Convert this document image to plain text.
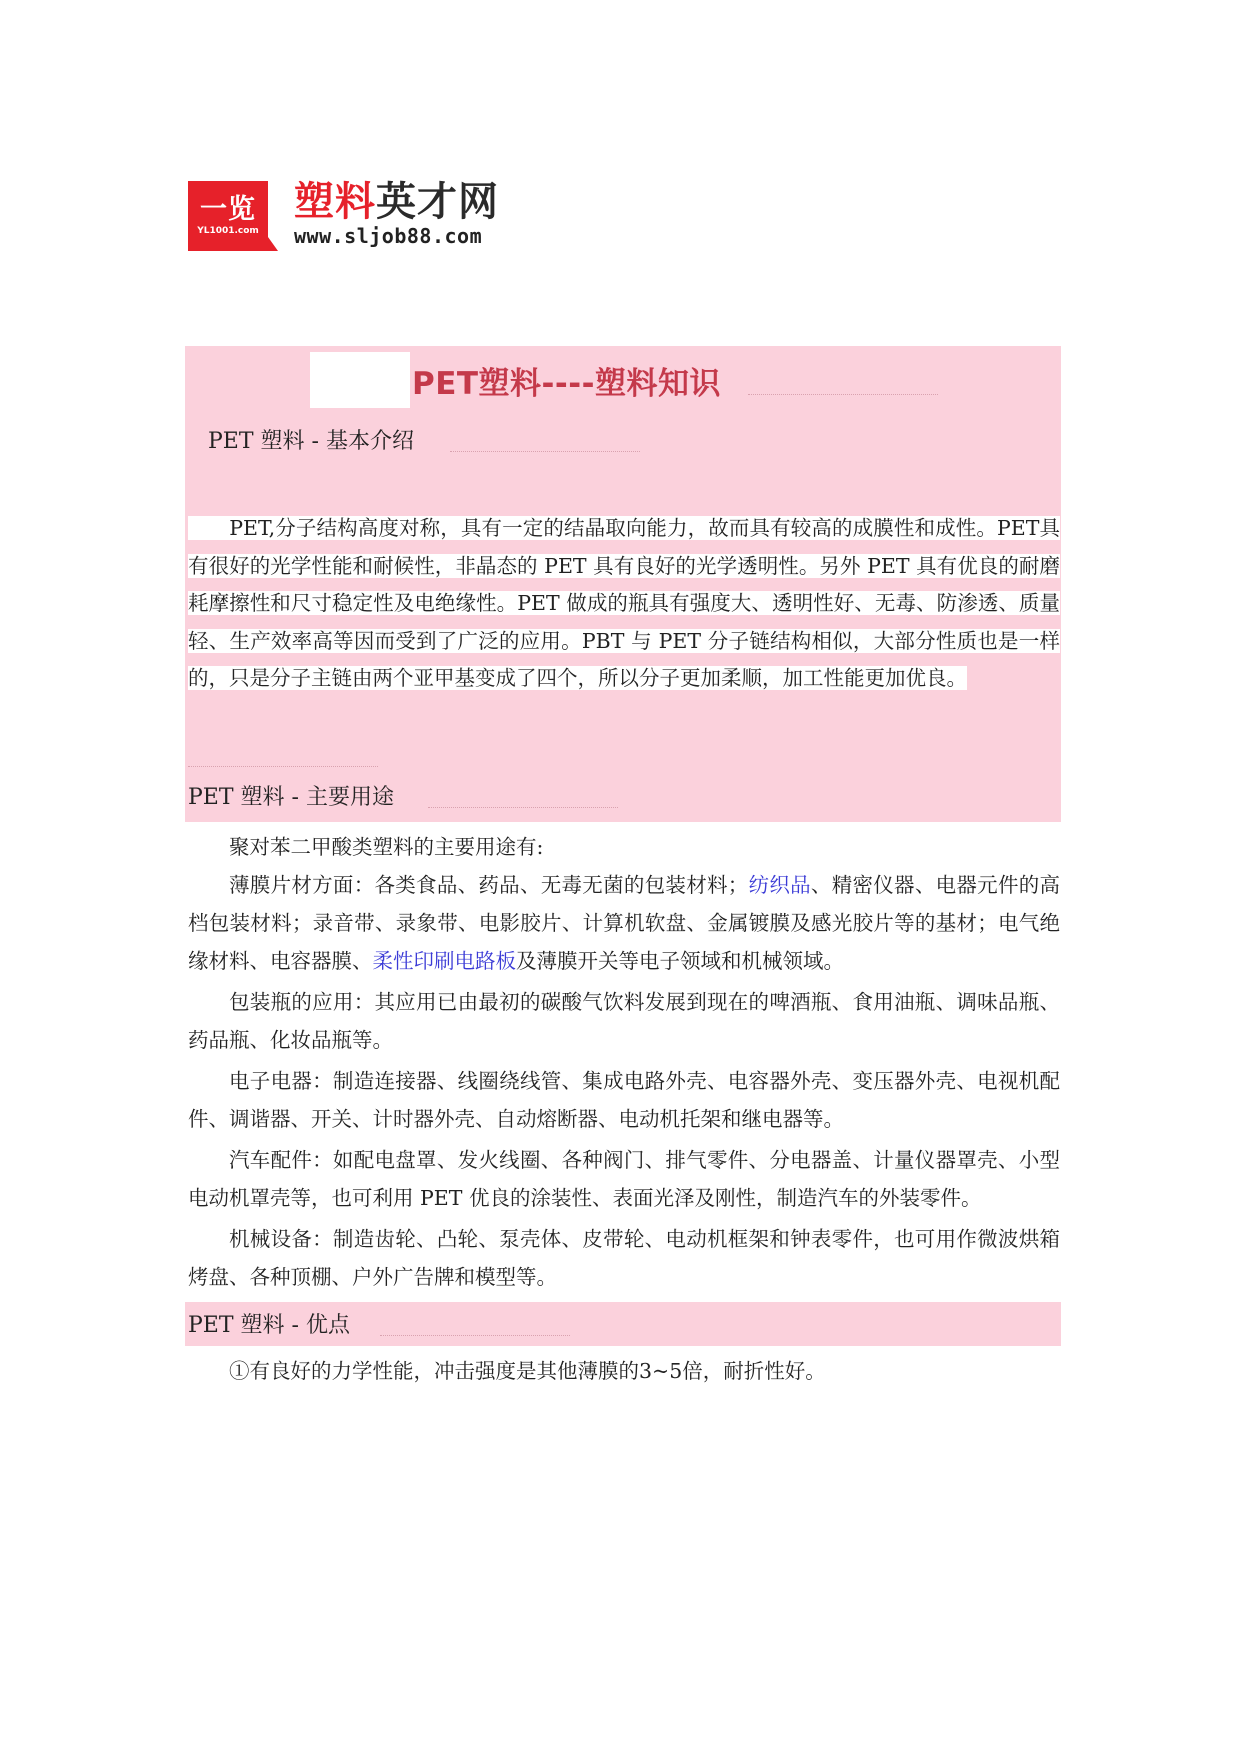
一览
YL1001.com
塑料英才网
www.sljob88.com
PET塑料----塑料知识
PET 塑料 - 基本介绍
　　PET,分子结构高度对称，具有一定的结晶取向能力，故而具有较高的成膜性和成性。PET具有很好的光学性能和耐候性，非晶态的 PET 具有良好的光学透明性。另外 PET 具有优良的耐磨耗摩擦性和尺寸稳定性及电绝缘性。PET 做成的瓶具有强度大、透明性好、无毒、防渗透、质量轻、生产效率高等因而受到了广泛的应用。PBT 与 PET 分子链结构相似，大部分性质也是一样的，只是分子主链由两个亚甲基变成了四个，所以分子更加柔顺，加工性能更加优良。
PET 塑料 - 主要用途

聚对苯二甲酸类塑料的主要用途有:

薄膜片材方面：各类食品、药品、无毒无菌的包装材料；纺织品、精密仪器、电器元件的高档包装材料；录音带、录象带、电影胶片、计算机软盘、金属镀膜及感光胶片等的基材；电气绝缘材料、电容器膜、柔性印刷电路板及薄膜开关等电子领域和机械领域。

包装瓶的应用：其应用已由最初的碳酸气饮料发展到现在的啤酒瓶、食用油瓶、调味品瓶、药品瓶、化妆品瓶等。

电子电器：制造连接器、线圈绕线管、集成电路外壳、电容器外壳、变压器外壳、电视机配件、调谐器、开关、计时器外壳、自动熔断器、电动机托架和继电器等。

汽车配件：如配电盘罩、发火线圈、各种阀门、排气零件、分电器盖、计量仪器罩壳、小型电动机罩壳等，也可利用 PET 优良的涂装性、表面光泽及刚性，制造汽车的外装零件。

机械设备：制造齿轮、凸轮、泵壳体、皮带轮、电动机框架和钟表零件，也可用作微波烘箱烤盘、各种顶棚、户外广告牌和模型等。

PET 塑料 - 优点

①有良好的力学性能，冲击强度是其他薄膜的3~5倍，耐折性好。
